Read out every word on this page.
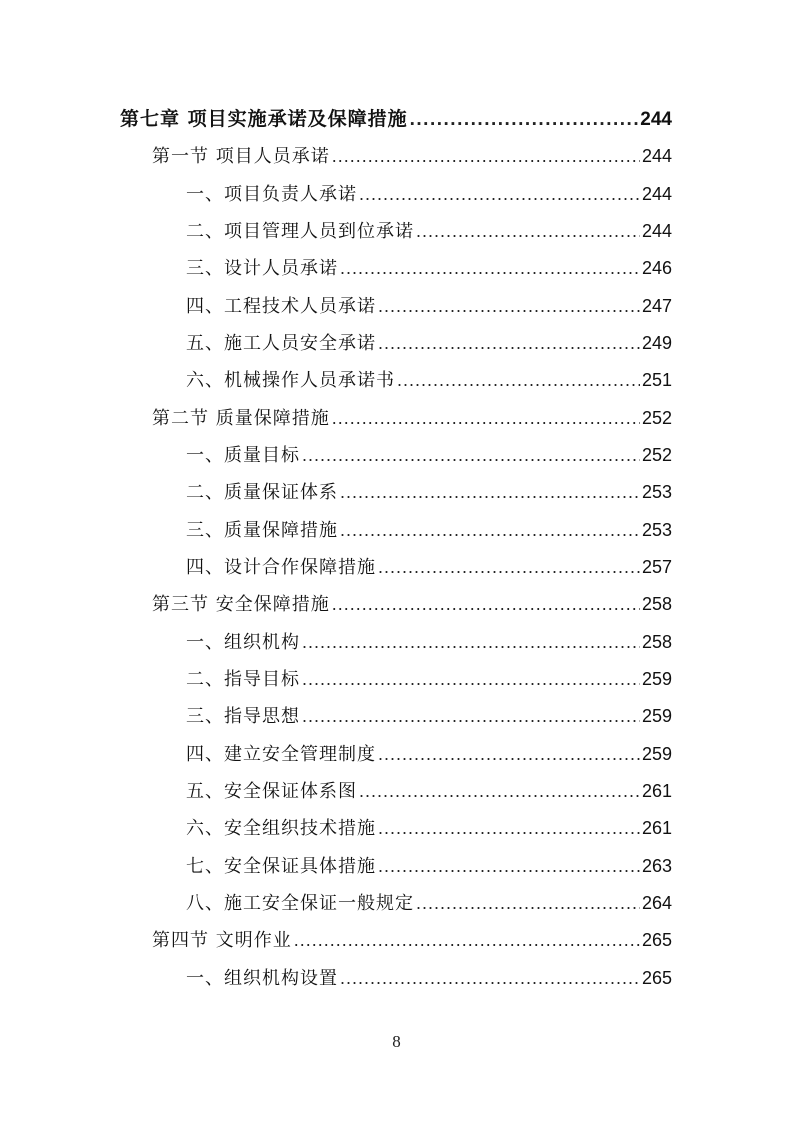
第七章 项目实施承诺及保障措施 .....	244
第一节 项目人员承诺 .....	244
一、项目负责人承诺 .....	244
二、项目管理人员到位承诺 .....	244
三、设计人员承诺 .....	246
四、工程技术人员承诺 .....	247
五、施工人员安全承诺 .....	249
六、机械操作人员承诺书 .....	251
第二节 质量保障措施 .....	252
一、质量目标 .....	252
二、质量保证体系 .....	253
三、质量保障措施 .....	253
四、设计合作保障措施 .....	257
第三节 安全保障措施 .....	258
一、组织机构 .....	258
二、指导目标 .....	259
三、指导思想 .....	259
四、建立安全管理制度 .....	259
五、安全保证体系图 .....	261
六、安全组织技术措施 .....	261
七、安全保证具体措施 .....	263
八、施工安全保证一般规定 .....	264
第四节 文明作业 .....	265
一、组织机构设置 .....	265
8
